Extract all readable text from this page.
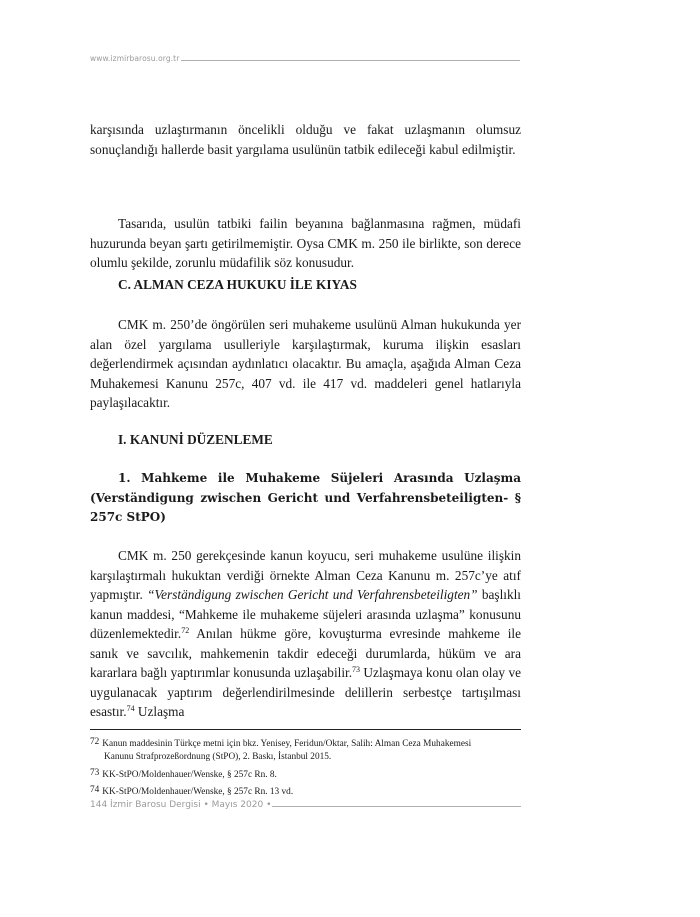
www.izmirbarosu.org.tr

karşısında uzlaştırmanın öncelikli olduğu ve fakat uzlaşmanın olumsuz sonuçlandığı hallerde basit yargılama usulünün tatbik edileceği kabul edilmiştir.

Tasarıda, usulün tatbiki failin beyanına bağlanmasına rağmen, müdafi huzurunda beyan şartı getirilmemiştir. Oysa CMK m. 250 ile birlikte, son derece olumlu şekilde, zorunlu müdafilik söz konusudur.

C. ALMAN CEZA HUKUKU İLE KIYAS

CMK m. 250’de öngörülen seri muhakeme usulünü Alman hukukunda yer alan özel yargılama usulleriyle karşılaştırmak, kuruma ilişkin esasları değerlendirmek açısından aydınlatıcı olacaktır. Bu amaçla, aşağıda Alman Ceza Muhakemesi Kanunu 257c, 407 vd. ile 417 vd. maddeleri genel hatlarıyla paylaşılacaktır.

I. KANUNİ DÜZENLEME

1. Mahkeme ile Muhakeme Süjeleri Arasında Uzlaşma (Verständigung zwischen Gericht und Verfahrensbeteiligten- § 257c StPO)

CMK m. 250 gerekçesinde kanun koyucu, seri muhakeme usulüne ilişkin karşılaştırmalı hukuktan verdiği örnekte Alman Ceza Kanunu m. 257c’ye atıf yapmıştır. “Verständigung zwischen Gericht und Verfahrensbeteiligten” başlıklı kanun maddesi, “Mahkeme ile muhakeme süjeleri arasında uzlaşma” konusunu düzenlemektedir.$^{72}$ Anılan hükme göre, kovuşturma evresinde mahkeme ile sanık ve savcılık, mahkemenin takdir edeceği durumlarda, hüküm ve ara kararlara bağlı yaptırımlar konusunda uzlaşabilir.$^{73}$ Uzlaşmaya konu olan olay ve uygulanacak yaptırım değerlendirilmesinde delillerin serbestçe tartışılması esastır.$^{74}$ Uzlaşma

72 Kanun maddesinin Türkçe metni için bkz. Yenisey, Feridun/Oktar, Salih: Alman Ceza Muhakemesi
Kanunu Strafprozeßordnung (StPO), 2. Baskı, İstanbul 2015.

73 KK-StPO/Moldenhauer/Wenske, § 257c Rn. 8.

74 KK-StPO/Moldenhauer/Wenske, § 257c Rn. 13 vd.

144 İzmir Barosu Dergisi • Mayıs 2020 •
